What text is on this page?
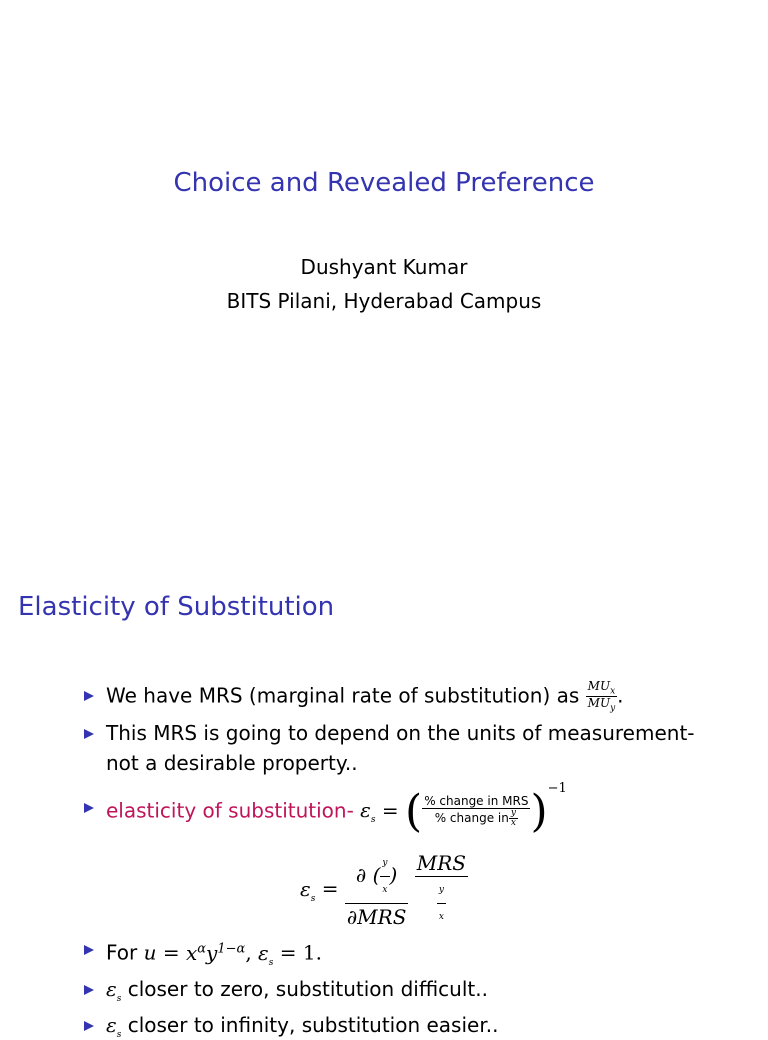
Choice and Revealed Preference
Dushyant Kumar
BITS Pilani, Hyderabad Campus
Elasticity of Substitution
We have MRS (marginal rate of substitution) as $\frac{MU_x}{MU_y}$ .
This MRS is going to depend on the units of measurement-
not a desirable property..
elasticity of substitution- $\varepsilon_s$ = ( $\frac{\text{\% change in MRS}}{\% change in \frac{y}{x}} )^{-1}$
$\varepsilon_s = \frac{\partial ( \frac{y}{x} )}{\text{∂MRS}}$
$\frac{\text{MRS}}{\frac{y}{x}}$
For $u = x^\alpha y^{1-\alpha}$, $\varepsilon_s = 1$.
$\varepsilon_s$ closer to zero, substitution difficult..
$\varepsilon_s$ closer to infinity, substitution easier..
